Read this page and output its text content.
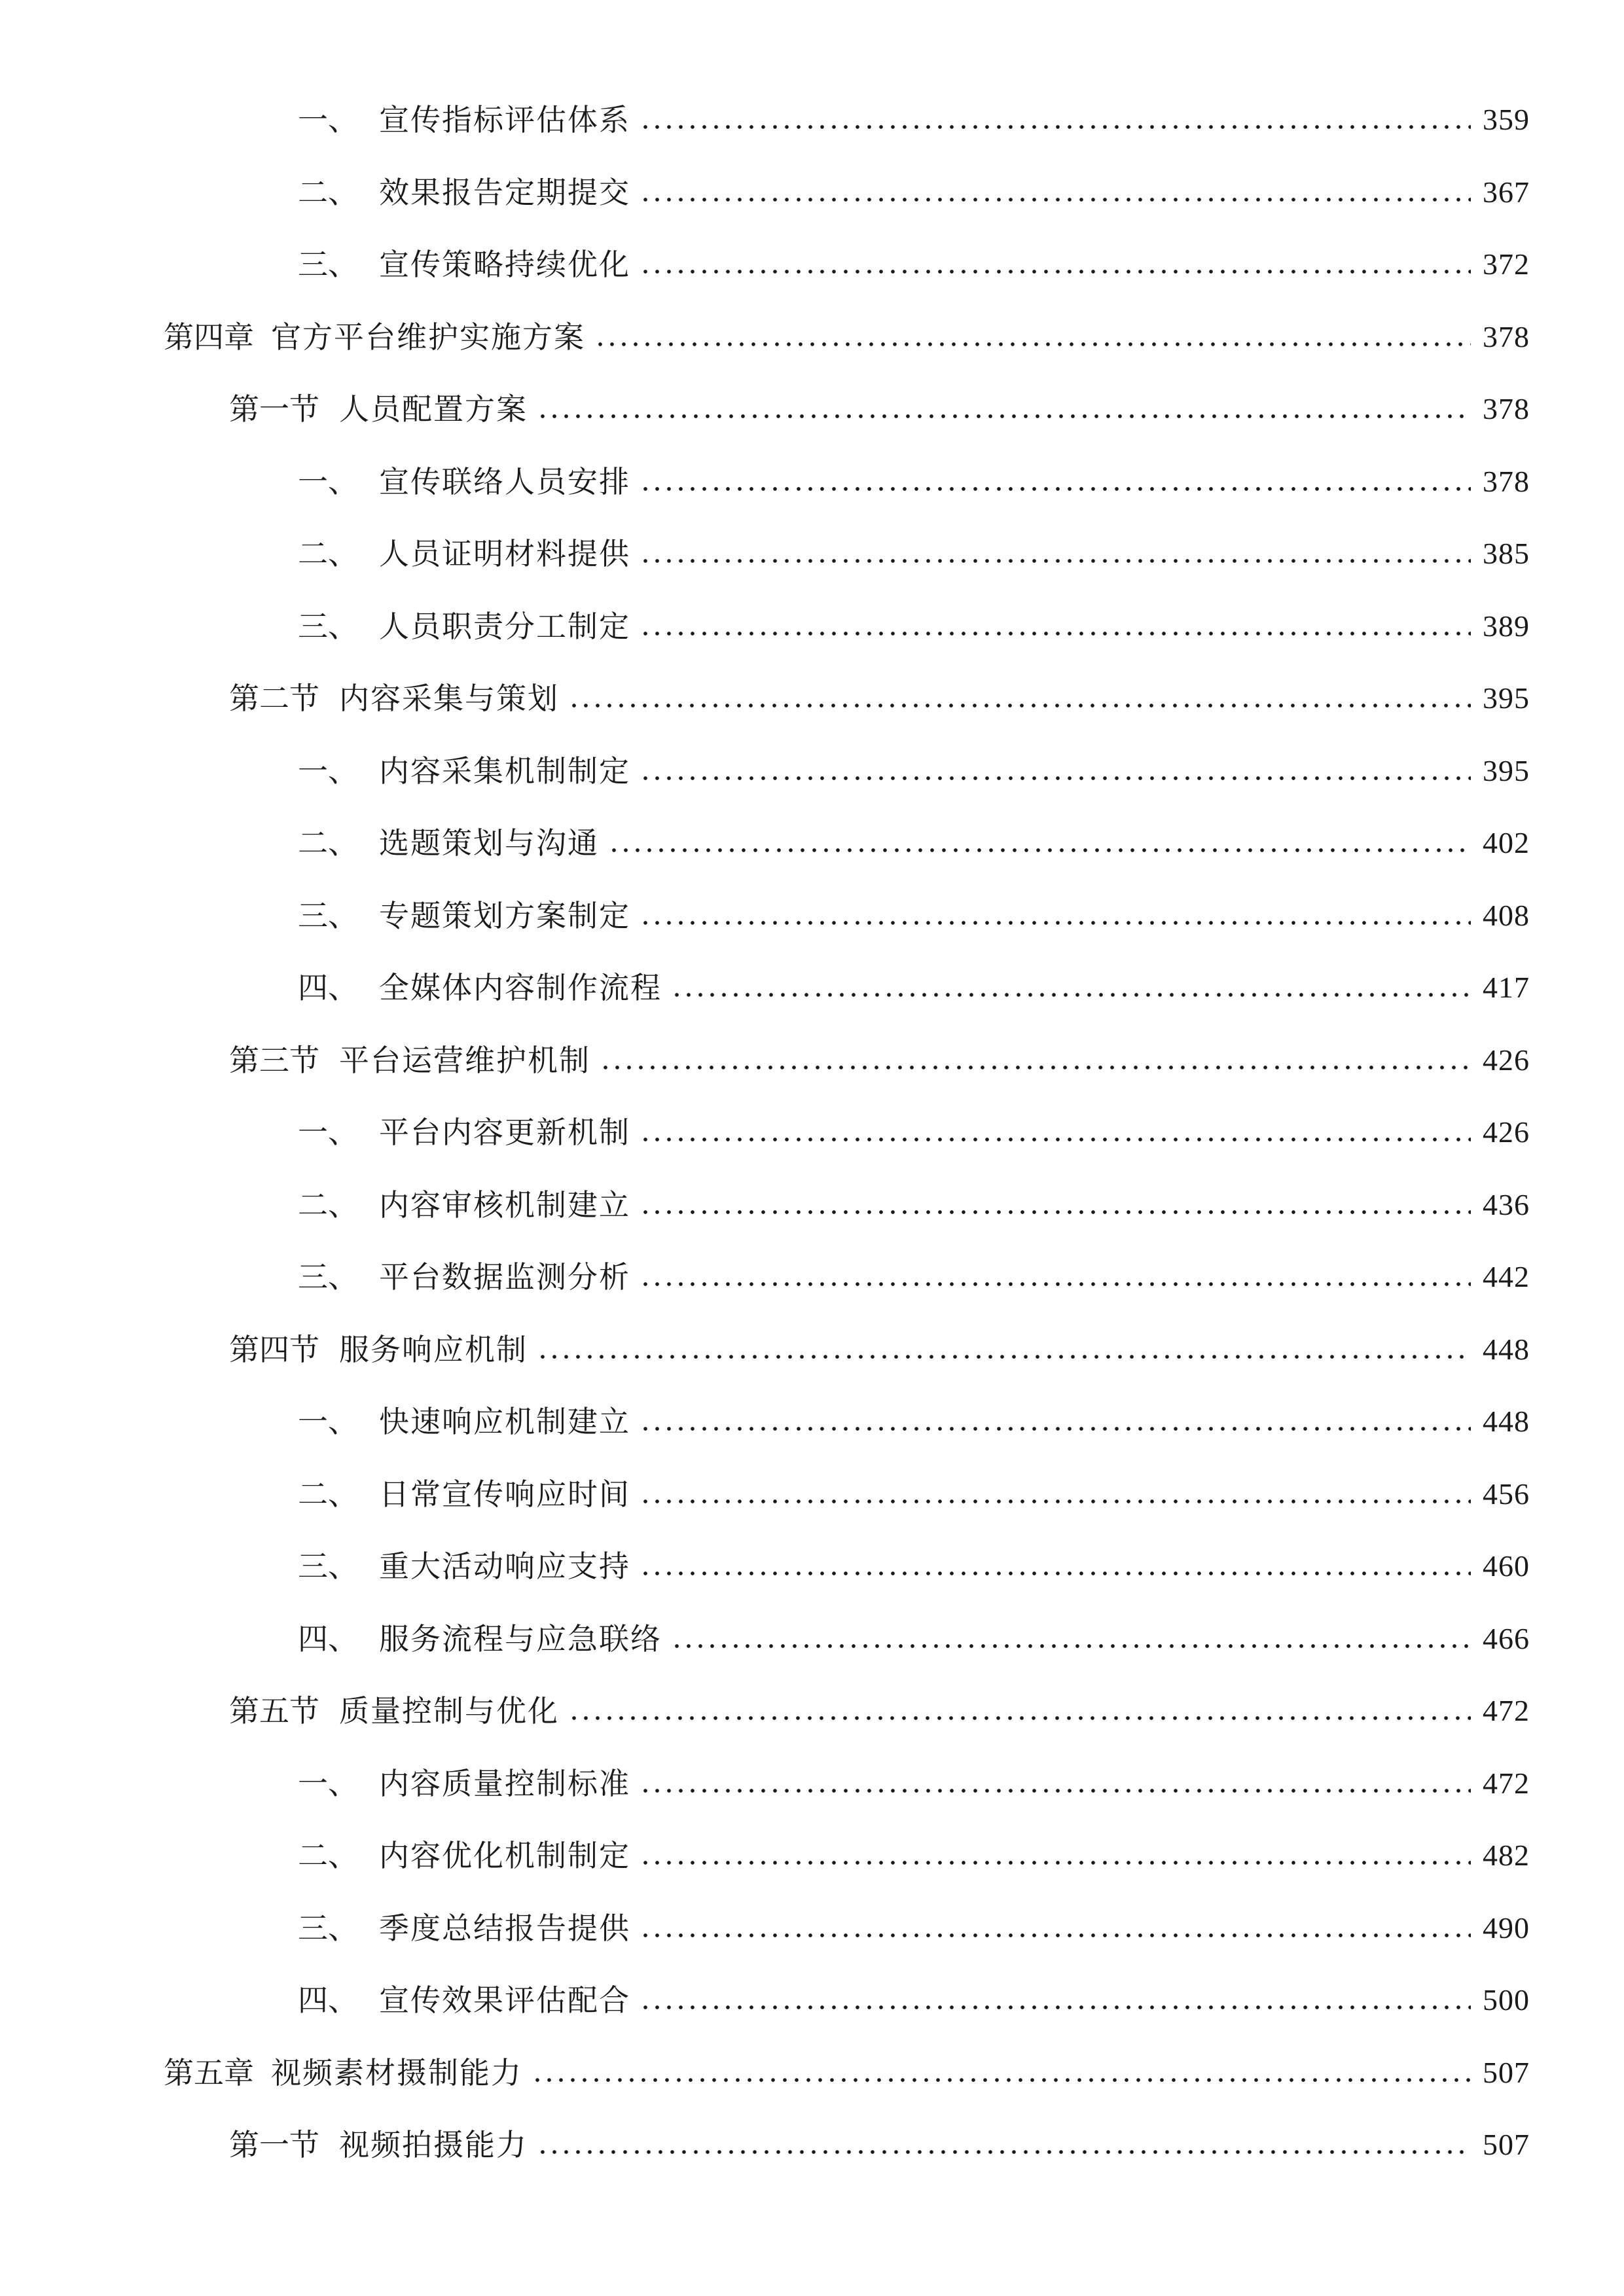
一、 宣传指标评估体系	359
二、 效果报告定期提交	367
三、 宣传策略持续优化	372
第四章 官方平台维护实施方案	378
第一节 人员配置方案	378
一、 宣传联络人员安排	378
二、 人员证明材料提供	385
三、 人员职责分工制定	389
第二节 内容采集与策划	395
一、 内容采集机制制定	395
二、 选题策划与沟通	402
三、 专题策划方案制定	408
四、 全媒体内容制作流程	417
第三节 平台运营维护机制	426
一、 平台内容更新机制	426
二、 内容审核机制建立	436
三、 平台数据监测分析	442
第四节 服务响应机制	448
一、 快速响应机制建立	448
二、 日常宣传响应时间	456
三、 重大活动响应支持	460
四、 服务流程与应急联络	466
第五节 质量控制与优化	472
一、 内容质量控制标准	472
二、 内容优化机制制定	482
三、 季度总结报告提供	490
四、 宣传效果评估配合	500
第五章 视频素材摄制能力	507
第一节 视频拍摄能力	507
